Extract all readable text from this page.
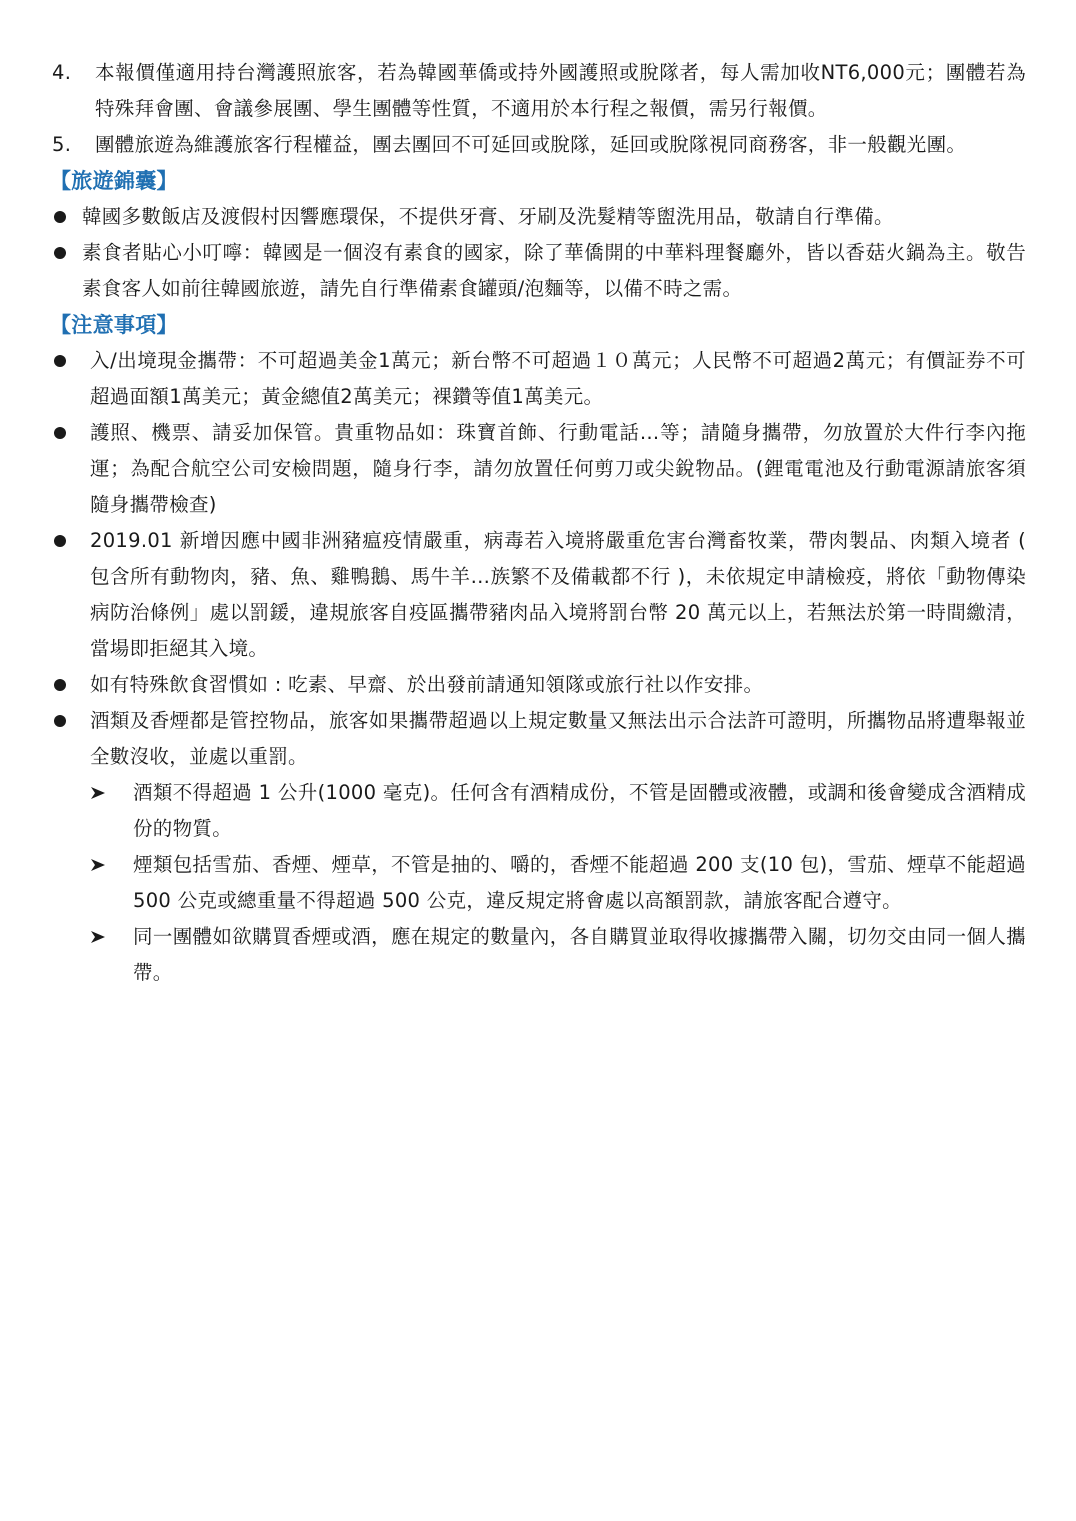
4.	本報價僅適用持台灣護照旅客，若為韓國華僑或持外國護照或脫隊者，每人需加收NT6,000元；團體若為特殊拜會團、會議參展團、學生團體等性質，不適用於本行程之報價，需另行報價。
5.	團體旅遊為維護旅客行程權益，團去團回不可延回或脫隊，延回或脫隊視同商務客，非一般觀光團。
【旅遊錦囊】
韓國多數飯店及渡假村因響應環保，不提供牙膏、牙刷及洗髮精等盥洗用品，敬請自行準備。
素食者貼心小叮嚀：韓國是一個沒有素食的國家，除了華僑開的中華料理餐廳外，皆以香菇火鍋為主。敬告素食客人如前往韓國旅遊，請先自行準備素食罐頭/泡麵等，以備不時之需。
【注意事項】
入/出境現金攜帶：不可超過美金1萬元；新台幣不可超過１０萬元；人民幣不可超過2萬元；有價証券不可超過面額1萬美元；黃金總值2萬美元；裸鑽等值1萬美元。
護照、機票、請妥加保管。貴重物品如：珠寶首飾、行動電話…等；請隨身攜帶，勿放置於大件行李內拖運；為配合航空公司安檢問題，隨身行李，請勿放置任何剪刀或尖銳物品。(鋰電電池及行動電源請旅客須隨身攜帶檢查)
2019.01 新增因應中國非洲豬瘟疫情嚴重，病毒若入境將嚴重危害台灣畜牧業，帶肉製品、肉類入境者 ( 包含所有動物肉，豬、魚、雞鴨鵝、馬牛羊…族繁不及備載都不行 )，未依規定申請檢疫，將依「動物傳染病防治條例」處以罰鍰，違規旅客自疫區攜帶豬肉品入境將罰台幣 20 萬元以上，若無法於第一時間繳清，當場即拒絕其入境。
如有特殊飲食習慣如 : 吃素、早齋、於出發前請通知領隊或旅行社以作安排。
酒類及香煙都是管控物品，旅客如果攜帶超過以上規定數量又無法出示合法許可證明，所攜物品將遭舉報並全數沒收，並處以重罰。
酒類不得超過 1 公升(1000 毫克)。任何含有酒精成份，不管是固體或液體，或調和後會變成含酒精成份的物質。
煙類包括雪茄、香煙、煙草，不管是抽的、嚼的，香煙不能超過 200 支(10 包)，雪茄、煙草不能超過500 公克或總重量不得超過 500 公克，違反規定將會處以高額罰款，請旅客配合遵守。
同一團體如欲購買香煙或酒，應在規定的數量內，各自購買並取得收據攜帶入關，切勿交由同一個人攜帶。
